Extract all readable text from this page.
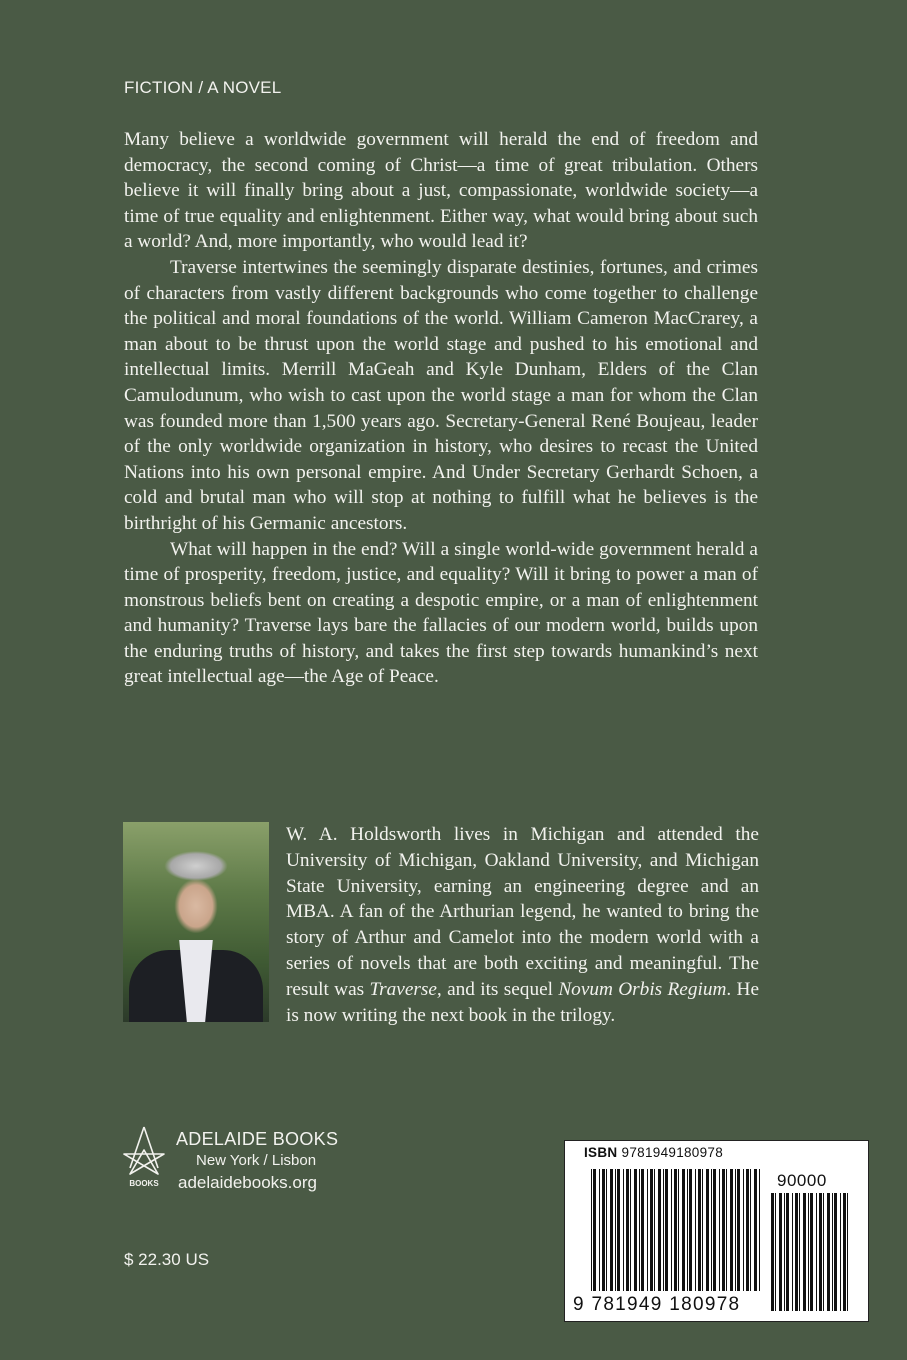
FICTION / A NOVEL

Many believe a worldwide government will herald the end of freedom and democracy, the second coming of Christ—a time of great tribulation. Others believe it will finally bring about a just, compassionate, worldwide society—a time of true equality and enlightenment. Either way, what would bring about such a world? And, more importantly, who would lead it?

Traverse intertwines the seemingly disparate destinies, fortunes, and crimes of characters from vastly different backgrounds who come together to challenge the political and moral foundations of the world. William Cameron MacCrarey, a man about to be thrust upon the world stage and pushed to his emotional and intellectual limits. Merrill MaGeah and Kyle Dunham, Elders of the Clan Camulodunum, who wish to cast upon the world stage a man for whom the Clan was founded more than 1,500 years ago. Secretary-General René Boujeau, leader of the only worldwide organization in history, who desires to recast the United Nations into his own personal empire. And Under Secretary Gerhardt Schoen, a cold and brutal man who will stop at nothing to fulfill what he believes is the birthright of his Germanic ancestors.

What will happen in the end? Will a single world-wide government herald a time of prosperity, freedom, justice, and equality? Will it bring to power a man of monstrous beliefs bent on creating a despotic empire, or a man of enlightenment and humanity? Traverse lays bare the fallacies of our modern world, builds upon the enduring truths of history, and takes the first step towards humankind’s next great intellectual age—the Age of Peace.

W. A. Holdsworth lives in Michigan and attended the University of Michigan, Oakland University, and Michigan State University, earning an engineering degree and an MBA. A fan of the Arthurian legend, he wanted to bring the story of Arthur and Camelot into the modern world with a series of novels that are both exciting and meaningful. The result was Traverse, and its sequel Novum Orbis Regium. He is now writing the next book in the trilogy.

BOOKS
ADELAIDE BOOKS
New York / Lisbon
adelaidebooks.org
$ 22.30 US
ISBN 9781949180978
90000
9 781949 180978
